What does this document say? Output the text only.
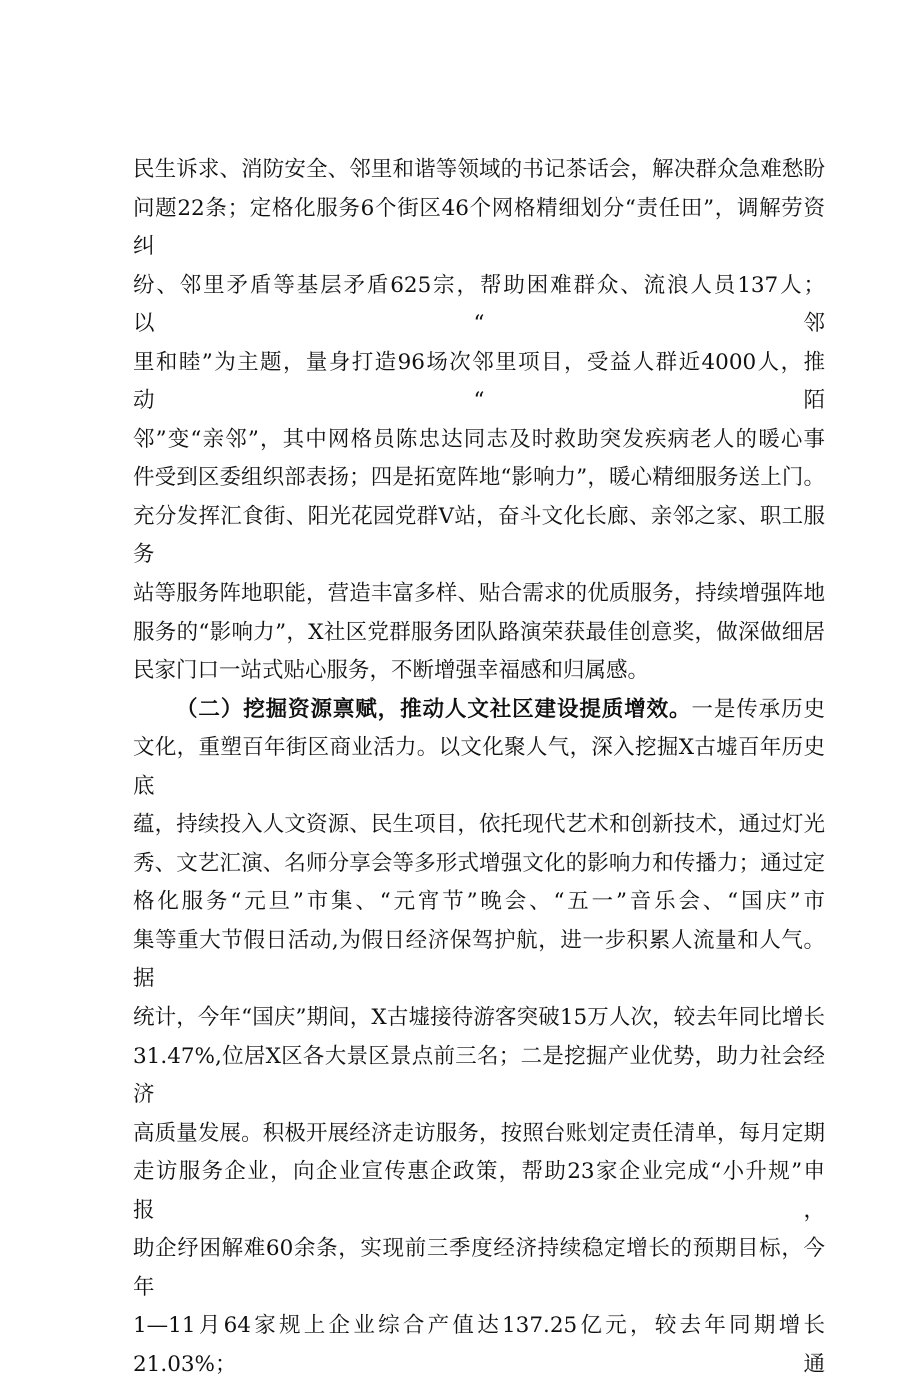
民生诉求、消防安全、邻里和谐等领域的书记茶话会，解决群众急难愁盼

问题22条；定格化服务6个街区46个网格精细划分“责任田”，调解劳资纠

纷、邻里矛盾等基层矛盾625宗，帮助困难群众、流浪人员137人；以“邻

里和睦”为主题，量身打造96场次邻里项目，受益人群近4000人，推动“陌

邻”变“亲邻”，其中网格员陈忠达同志及时救助突发疾病老人的暖心事

件受到区委组织部表扬；四是拓宽阵地“影响力”，暖心精细服务送上门。

充分发挥汇食街、阳光花园党群V站，奋斗文化长廊、亲邻之家、职工服务

站等服务阵地职能，营造丰富多样、贴合需求的优质服务，持续增强阵地

服务的“影响力”，X社区党群服务团队路演荣获最佳创意奖，做深做细居

民家门口一站式贴心服务，不断增强幸福感和归属感。

（二）挖掘资源禀赋，推动人文社区建设提质增效。一是传承历史

文化，重塑百年街区商业活力。以文化聚人气，深入挖掘X古墟百年历史底

蕴，持续投入人文资源、民生项目，依托现代艺术和创新技术，通过灯光

秀、文艺汇演、名师分享会等多形式增强文化的影响力和传播力；通过定

格化服务“元旦”市集、“元宵节”晚会、“五一”音乐会、“国庆”市

集等重大节假日活动,为假日经济保驾护航，进一步积累人流量和人气。据

统计，今年“国庆”期间，X古墟接待游客突破15万人次，较去年同比增长

31.47%,位居X区各大景区景点前三名；二是挖掘产业优势，助力社会经济

高质量发展。积极开展经济走访服务，按照台账划定责任清单，每月定期

走访服务企业，向企业宣传惠企政策，帮助23家企业完成“小升规”申报，

助企纾困解难60余条，实现前三季度经济持续稳定增长的预期目标，今年

1—11月64家规上企业综合产值达137.25亿元，较去年同期增长21.03%；通
